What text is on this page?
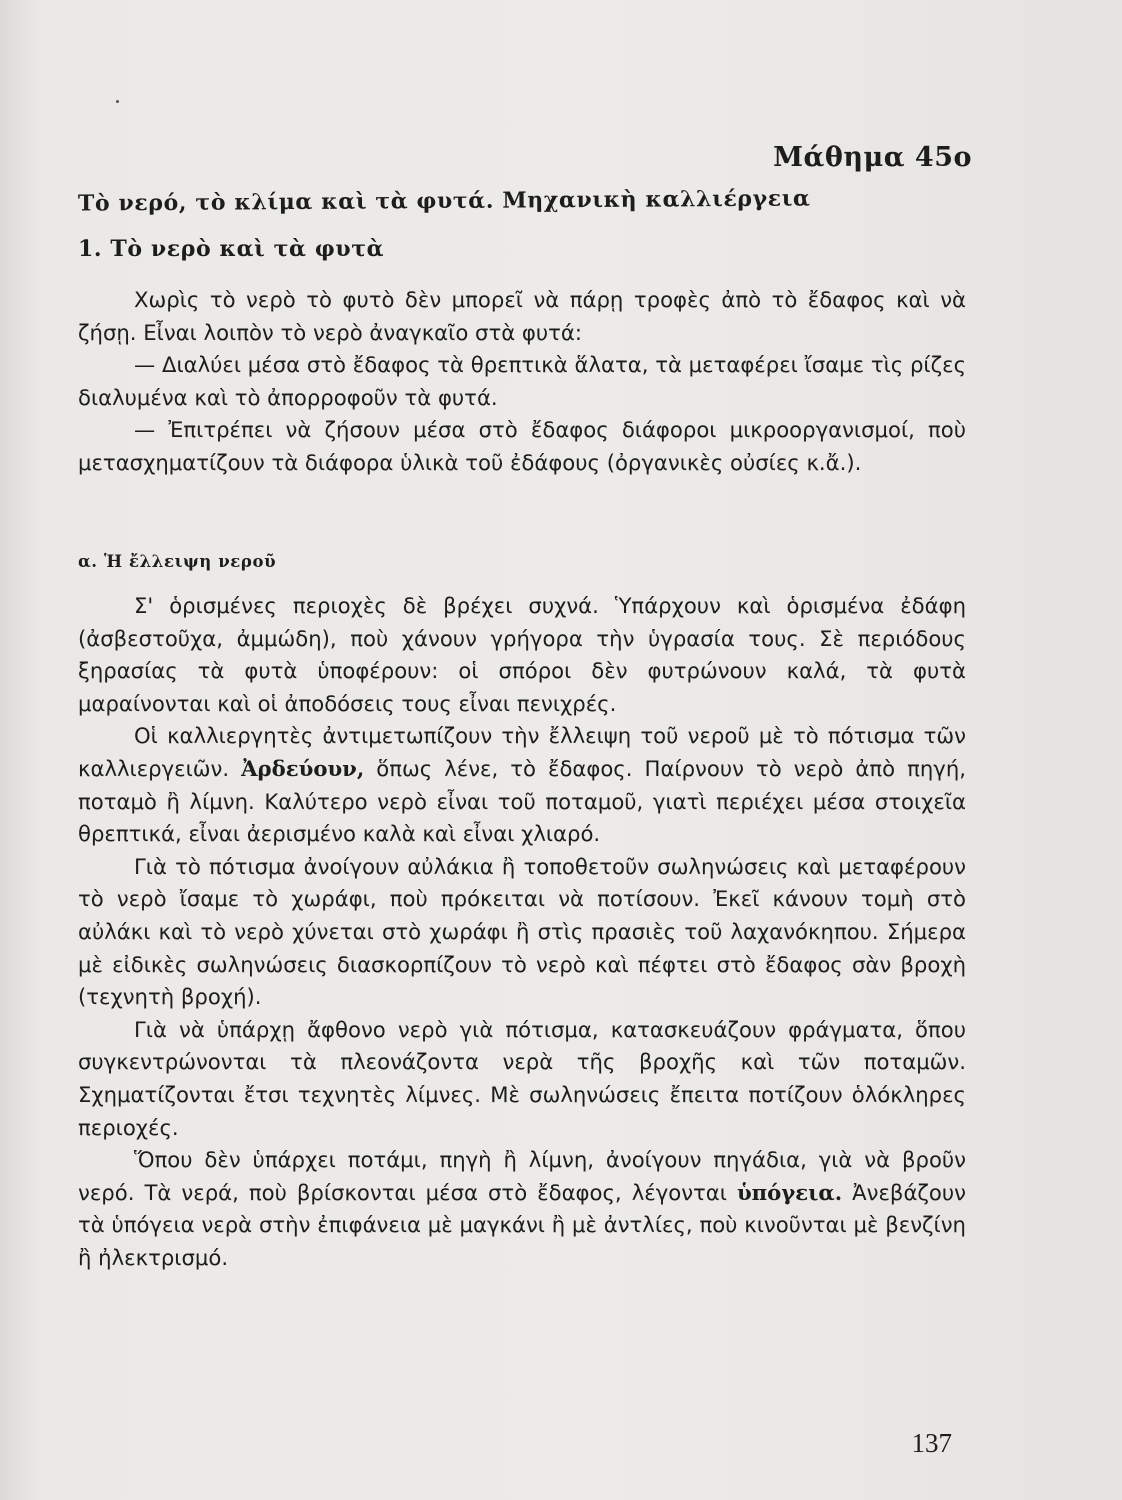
Μάθημα 45ο
Τὸ νερό, τὸ κλίμα καὶ τὰ φυτά. Μηχανικὴ καλλιέργεια
1. Τὸ νερὸ καὶ τὰ φυτὰ

Χωρὶς τὸ νερὸ τὸ φυτὸ δὲν μπορεῖ νὰ πάρῃ τροφὲς ἀπὸ τὸ ἔδαφος καὶ νὰ ζήσῃ. Εἶναι λοιπὸν τὸ νερὸ ἀναγκαῖο στὰ φυτά:

— Διαλύει μέσα στὸ ἔδαφος τὰ θρεπτικὰ ἅλατα, τὰ μεταφέρει ἴσαμε τὶς ρίζες διαλυμένα καὶ τὸ ἀπορροφοῦν τὰ φυτά.

— Ἐπιτρέπει νὰ ζήσουν μέσα στὸ ἔδαφος διάφοροι μικροοργανισμοί, ποὺ μετασχηματίζουν τὰ διάφορα ὑλικὰ τοῦ ἐδάφους (ὀργανικὲς οὐσίες κ.ἄ.).

α. Ἡ ἔλλειψη νεροῦ

Σ' ὁρισμένες περιοχὲς δὲ βρέχει συχνά. Ὑπάρχουν καὶ ὁρισμένα ἐδάφη (ἀσβεστοῦχα, ἀμμώδη), ποὺ χάνουν γρήγορα τὴν ὑγρασία τους. Σὲ περιόδους ξηρασίας τὰ φυτὰ ὑποφέρουν: οἱ σπόροι δὲν φυτρώνουν καλά, τὰ φυτὰ μαραίνονται καὶ οἱ ἀποδόσεις τους εἶναι πενιχρές.

Οἱ καλλιεργητὲς ἀντιμετωπίζουν τὴν ἔλλειψη τοῦ νεροῦ μὲ τὸ πότισμα τῶν καλλιεργειῶν. Ἀρδεύουν, ὅπως λένε, τὸ ἔδαφος. Παίρνουν τὸ νερὸ ἀπὸ πηγή, ποταμὸ ἢ λίμνη. Καλύτερο νερὸ εἶναι τοῦ ποταμοῦ, γιατὶ περιέχει μέσα στοιχεῖα θρεπτικά, εἶναι ἀερισμένο καλὰ καὶ εἶναι χλιαρό.

Γιὰ τὸ πότισμα ἀνοίγουν αὐλάκια ἢ τοποθετοῦν σωληνώσεις καὶ μεταφέρουν τὸ νερὸ ἴσαμε τὸ χωράφι, ποὺ πρόκειται νὰ ποτίσουν. Ἐκεῖ κάνουν τομὴ στὸ αὐλάκι καὶ τὸ νερὸ χύνεται στὸ χωράφι ἢ στὶς πρασιὲς τοῦ λαχανόκηπου. Σήμερα μὲ εἰδικὲς σωληνώσεις διασκορπίζουν τὸ νερὸ καὶ πέφτει στὸ ἔδαφος σὰν βροχὴ (τεχνητὴ βροχή).

Γιὰ νὰ ὑπάρχῃ ἄφθονο νερὸ γιὰ πότισμα, κατασκευάζουν φράγματα, ὅπου συγκεντρώνονται τὰ πλεονάζοντα νερὰ τῆς βροχῆς καὶ τῶν ποταμῶν. Σχηματίζονται ἔτσι τεχνητὲς λίμνες. Μὲ σωληνώσεις ἔπειτα ποτίζουν ὁλόκληρες περιοχές.

Ὅπου δὲν ὑπάρχει ποτάμι, πηγὴ ἢ λίμνη, ἀνοίγουν πηγάδια, γιὰ νὰ βροῦν νερό. Τὰ νερά, ποὺ βρίσκονται μέσα στὸ ἔδαφος, λέγονται ὑπόγεια. Ἀνεβάζουν τὰ ὑπόγεια νερὰ στὴν ἐπιφάνεια μὲ μαγκάνι ἢ μὲ ἀντλίες, ποὺ κινοῦνται μὲ βενζίνη ἢ ἠλεκτρισμό.

137
